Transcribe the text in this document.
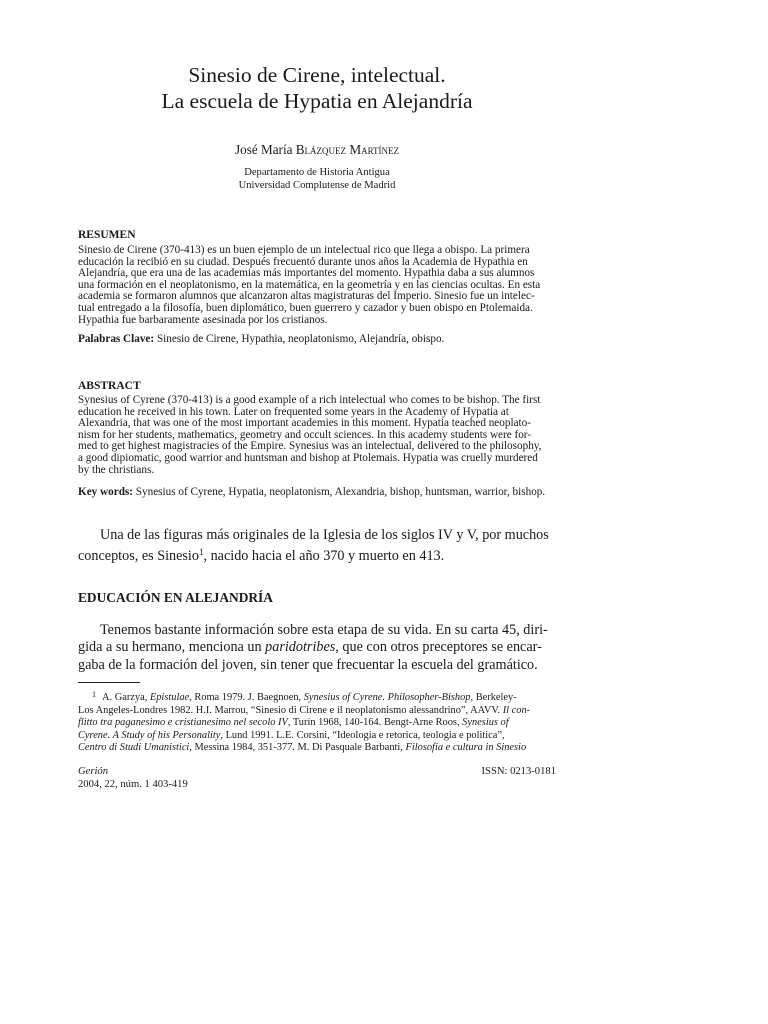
Sinesio de Cirene, intelectual.
La escuela de Hypatia en Alejandría
José María Blázquez Martínez
Departamento de Historia Antigua
Universidad Complutense de Madrid
RESUMEN
Sinesio de Cirene (370-413) es un buen ejemplo de un intelectual rico que llega a obispo. La primera
educación la recibió en su ciudad. Después frecuentó durante unos años la Academia de Hypathia en
Alejandría, que era una de las academias más importantes del momento. Hypathia daba a sus alumnos
una formación en el neoplatonismo, en la matemática, en la geometría y en las ciencias ocultas. En esta
academia se formaron alumnos que alcanzaron altas magistraturas del Imperio. Sinesio fue un intelec-
tual entregado a la filosofía, buen diplomático, buen guerrero y cazador y buen obispo en Ptolemaida.
Hypathia fue barbaramente asesinada por los cristianos.
Palabras Clave: Sinesio de Cirene, Hypathia, neoplatonismo, Alejandría, obispo.
ABSTRACT
Synesius of Cyrene (370-413) is a good example of a rich intelectual who comes to be bishop. The first
education he received in his town. Later on frequented some years in the Academy of Hypatia at
Alexandria, that was one of the most important academies in this moment. Hypatia teached neoplato-
nism for her students, mathematics, geometry and occult sciences. In this academy students were for-
med to get highest magistracies of the Empire. Synesius was an intelectual, delivered to the philosophy,
a good dipiomatic, good warrior and huntsman and bishop at Ptolemais. Hypatia was cruelly murdered
by the christians.
Key words: Synesius of Cyrene, Hypatia, neoplatonism, Alexandria, bishop, huntsman, warrior, bishop.
Una de las figuras más originales de la Iglesia de los siglos IV y V, por muchos
conceptos, es Sinesio$^1$, nacido hacia el año 370 y muerto en 413.
EDUCACIÓN EN ALEJANDRÍA
Tenemos bastante información sobre esta etapa de su vida. En su carta 45, diri-
gida a su hermano, menciona un paridotribes, que con otros preceptores se encar-
gaba de la formación del joven, sin tener que frecuentar la escuela del gramático.
$^1$ A. Garzya, Epistulae, Roma 1979. J. Baegnoen, Synesius of Cyrene. Philosopher-Bishop, Berkeley-
Los Angeles-Londres 1982. H.I. Marrou, “Sinesio di Cirene e il neoplatonismo alessandrino”, AAVV. Il con-
flitto tra paganesimo e cristianesimo nel secolo IV, Turín 1968, 140-164. Bengt-Arne Roos, Synesius of
Cyrene. A Study of his Personality, Lund 1991. L.E. Corsini, “Ideologia e retorica, teologia e politica”,
Centro di Studi Umanistici, Messina 1984, 351-377. M. Di Pasquale Barbanti, Filosofia e cultura in Sinesio
Gerión
2004, 22, núm. 1 403-419
ISSN: 0213-0181
